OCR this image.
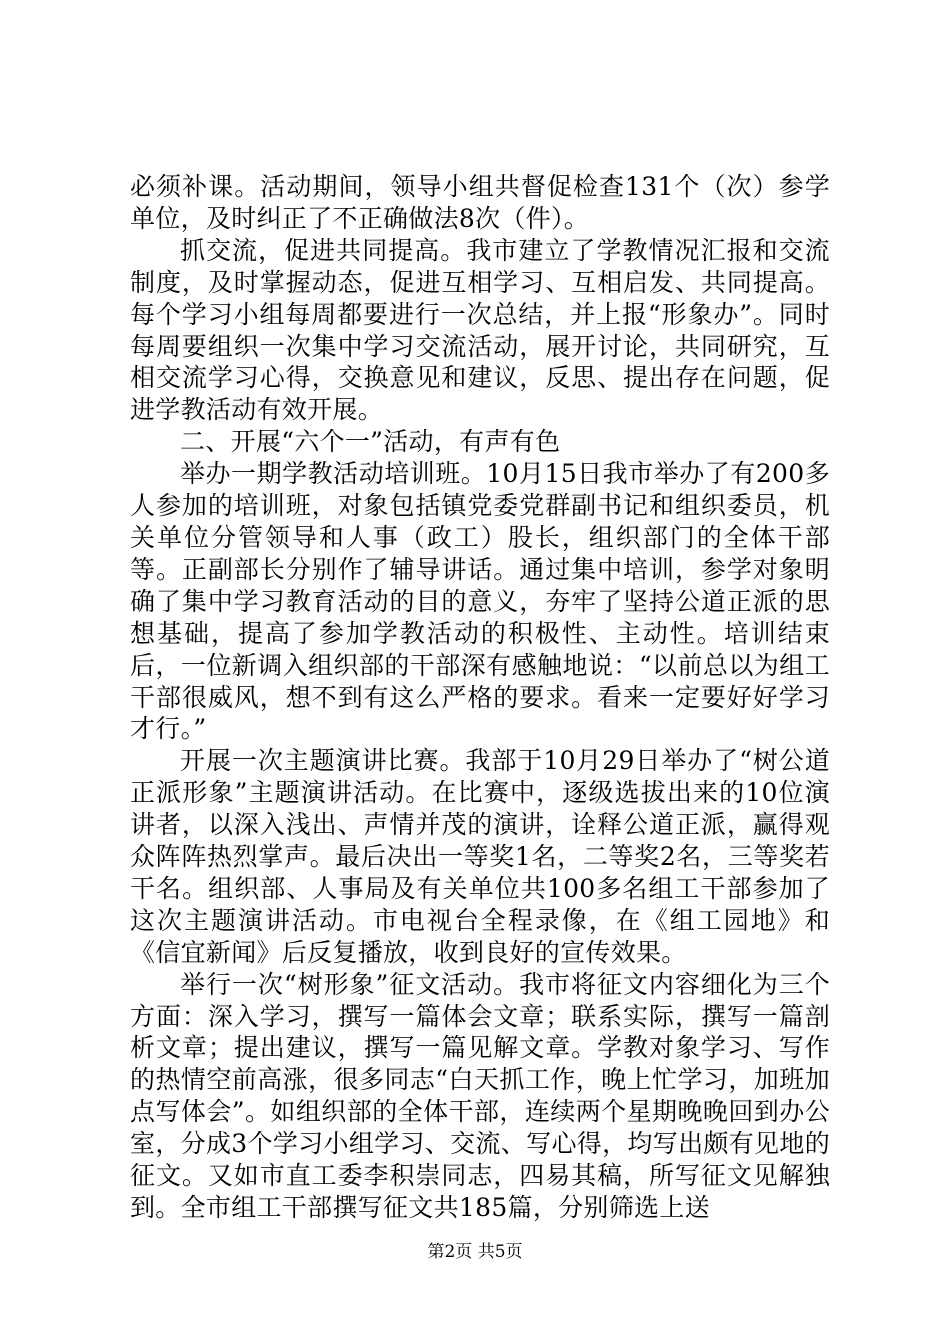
必须补课。活动期间，领导小组共督促检查131个（次）参学单位，及时纠正了不正确做法8次（件）。

抓交流，促进共同提高。我市建立了学教情况汇报和交流制度，及时掌握动态，促进互相学习、互相启发、共同提高。每个学习小组每周都要进行一次总结，并上报“形象办”。同时每周要组织一次集中学习交流活动，展开讨论，共同研究，互相交流学习心得，交换意见和建议，反思、提出存在问题，促进学教活动有效开展。

二、开展“六个一”活动，有声有色

举办一期学教活动培训班。10月15日我市举办了有200多人参加的培训班，对象包括镇党委党群副书记和组织委员，机关单位分管领导和人事（政工）股长，组织部门的全体干部等。正副部长分别作了辅导讲话。通过集中培训，参学对象明确了集中学习教育活动的目的意义，夯牢了坚持公道正派的思想基础，提高了参加学教活动的积极性、主动性。培训结束后，一位新调入组织部的干部深有感触地说：“以前总以为组工干部很威风，想不到有这么严格的要求。看来一定要好好学习才行。”

开展一次主题演讲比赛。我部于10月29日举办了“树公道正派形象”主题演讲活动。在比赛中，逐级选拔出来的10位演讲者，以深入浅出、声情并茂的演讲，诠释公道正派，赢得观众阵阵热烈掌声。最后决出一等奖1名，二等奖2名，三等奖若干名。组织部、人事局及有关单位共100多名组工干部参加了这次主题演讲活动。市电视台全程录像，在《组工园地》和《信宜新闻》后反复播放，收到良好的宣传效果。

举行一次“树形象”征文活动。我市将征文内容细化为三个方面：深入学习，撰写一篇体会文章；联系实际，撰写一篇剖析文章；提出建议，撰写一篇见解文章。学教对象学习、写作的热情空前高涨，很多同志“白天抓工作，晚上忙学习，加班加点写体会”。如组织部的全体干部，连续两个星期晚晚回到办公室，分成3个学习小组学习、交流、写心得，均写出颇有见地的征文。又如市直工委李积崇同志，四易其稿，所写征文见解独到。全市组工干部撰写征文共185篇，分别筛选上送

第2页 共5页
